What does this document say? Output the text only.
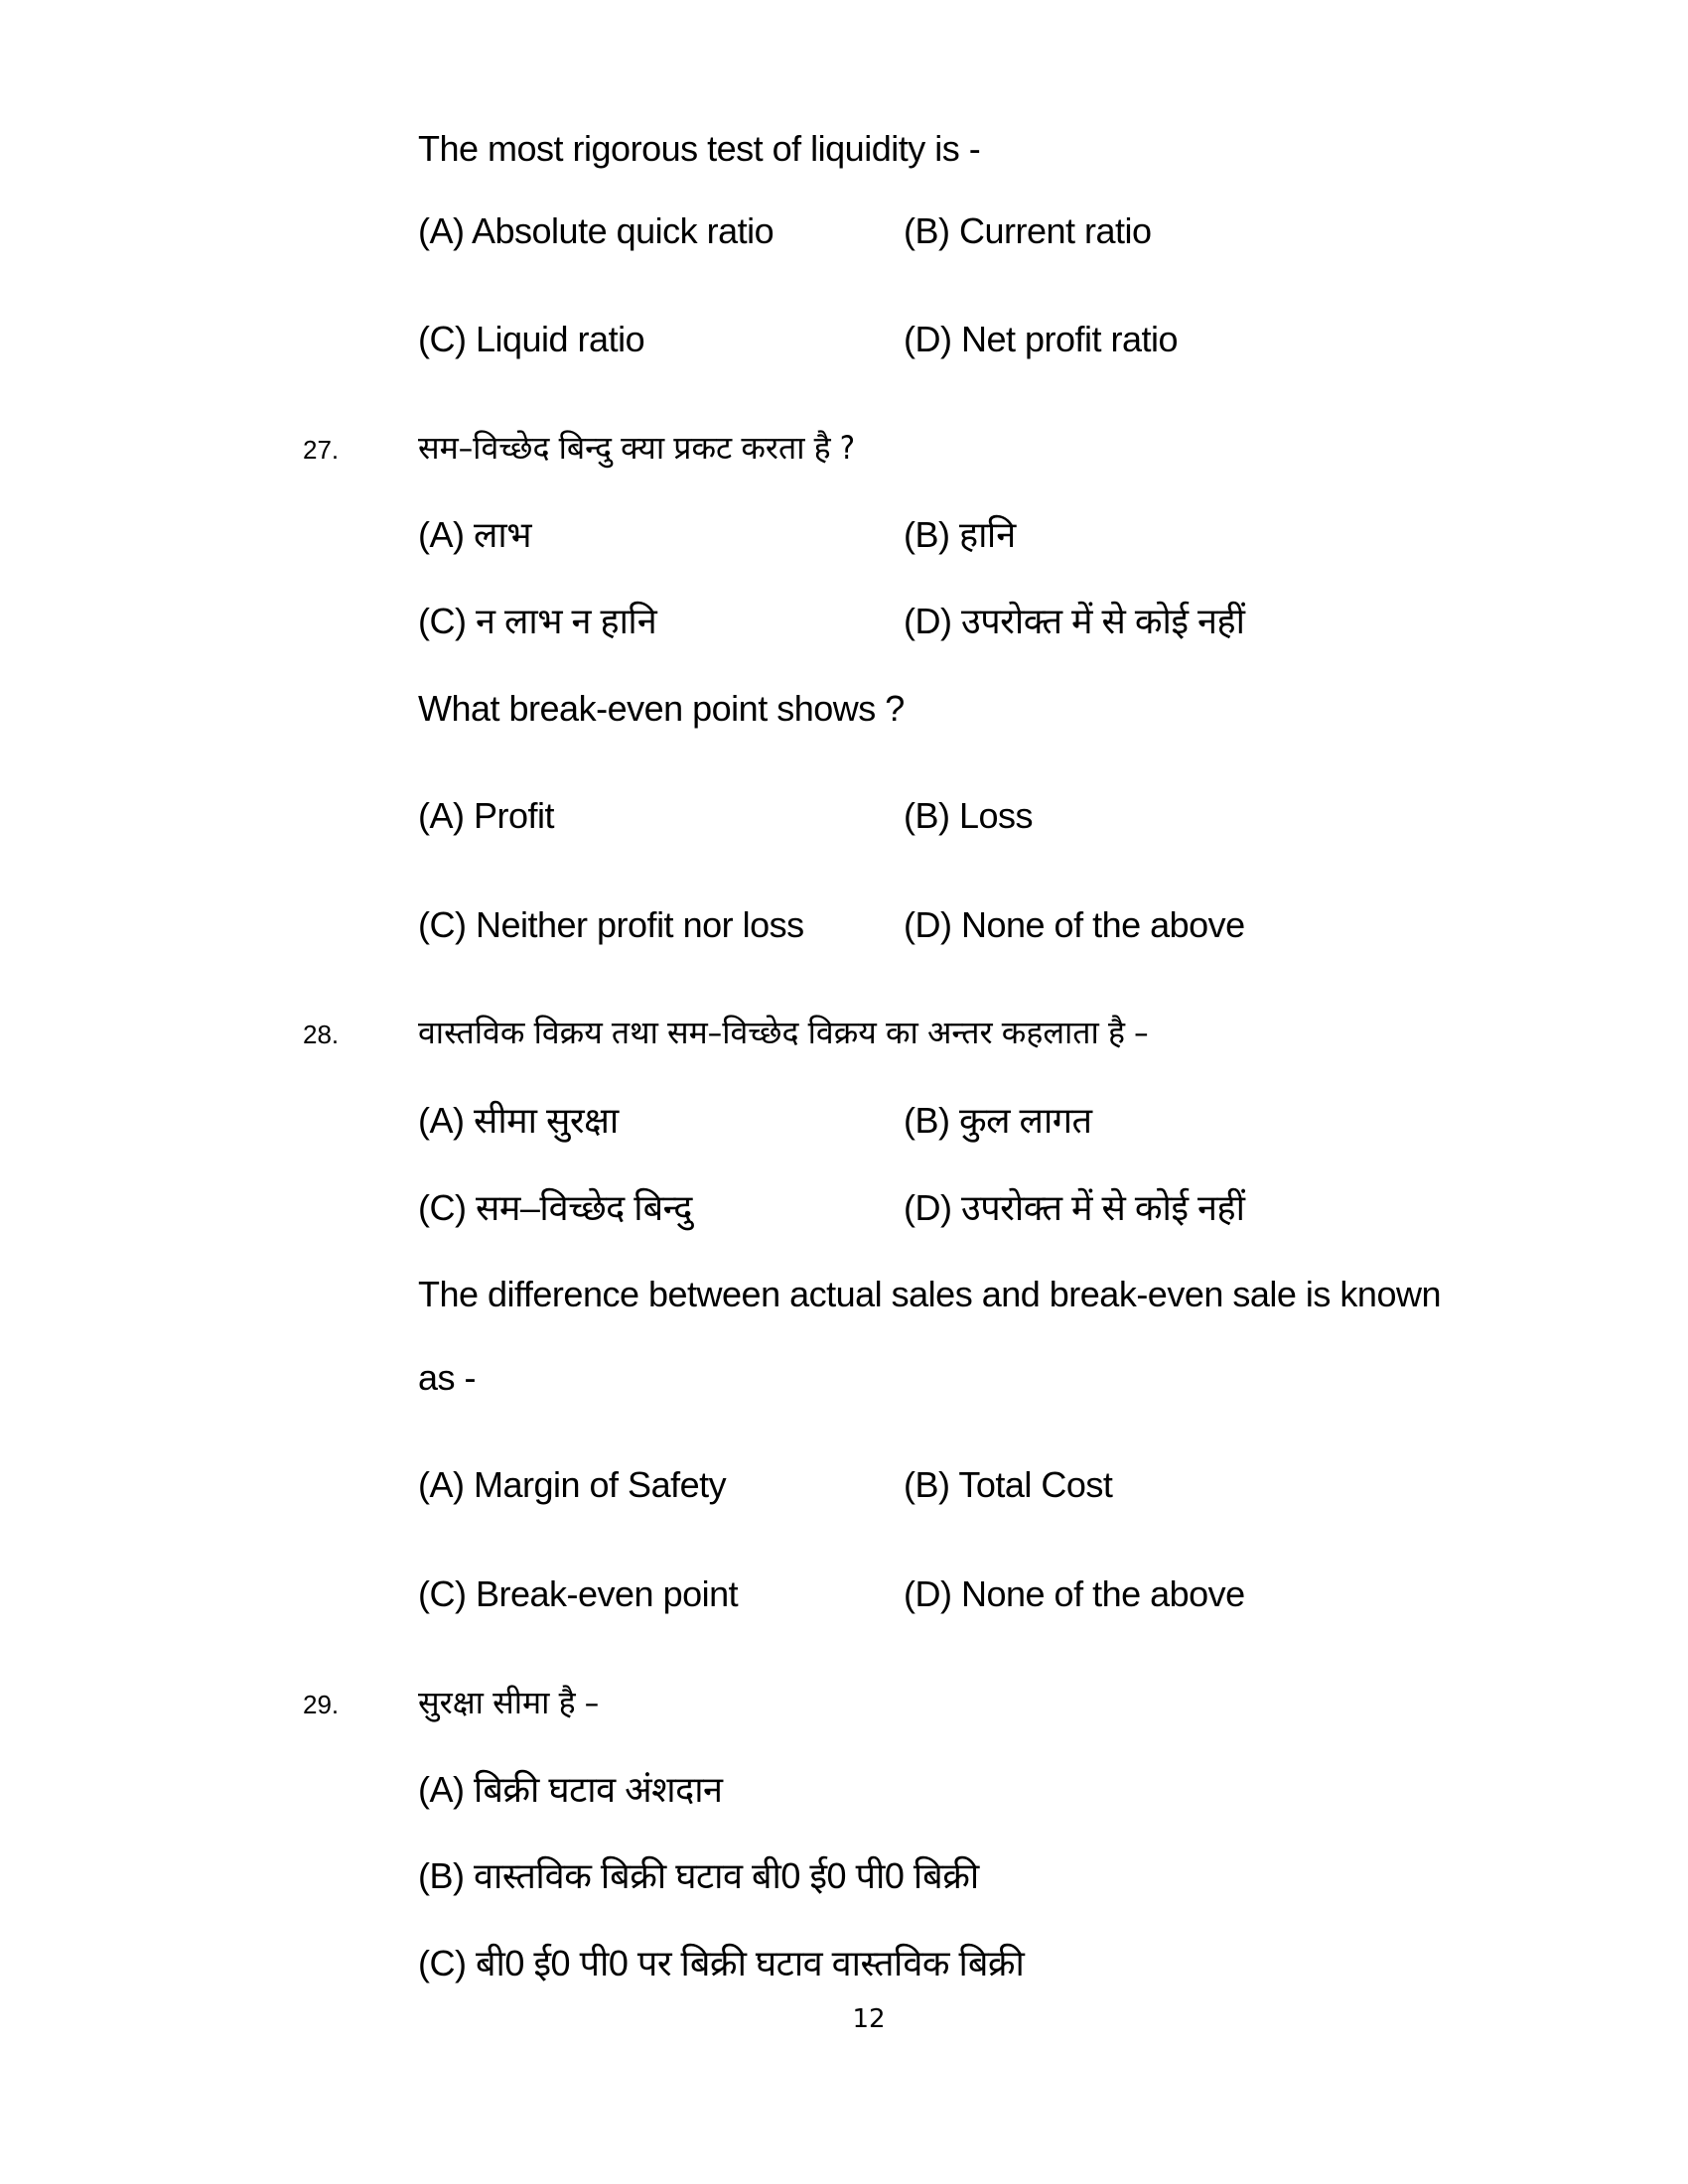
The most rigorous test of liquidity is -
(A) Absolute quick ratio	(B) Current ratio
(C) Liquid ratio	(D) Net profit ratio
27. सम–विच्छेद बिन्दु क्या प्रकट करता है ?
(A) लाभ	(B) हानि
(C) न लाभ न हानि	(D) उपरोक्त में से कोई नहीं
What break-even point shows ?
(A) Profit	(B) Loss
(C) Neither profit nor loss	(D) None of the above
28. वास्तविक विक्रय तथा सम–विच्छेद विक्रय का अन्तर कहलाता है –
(A) सीमा सुरक्षा	(B) कुल लागत
(C) सम–विच्छेद बिन्दु	(D) उपरोक्त में से कोई नहीं
The difference between actual sales and break-even sale is known
as -
(A) Margin of Safety	(B) Total Cost
(C) Break-even point	(D) None of the above
29. सुरक्षा सीमा है –
(A) बिक्री घटाव अंशदान
(B) वास्तविक बिक्री घटाव बी0 ई0 पी0 बिक्री
(C) बी0 ई0 पी0 पर बिक्री घटाव वास्तविक बिक्री
12
